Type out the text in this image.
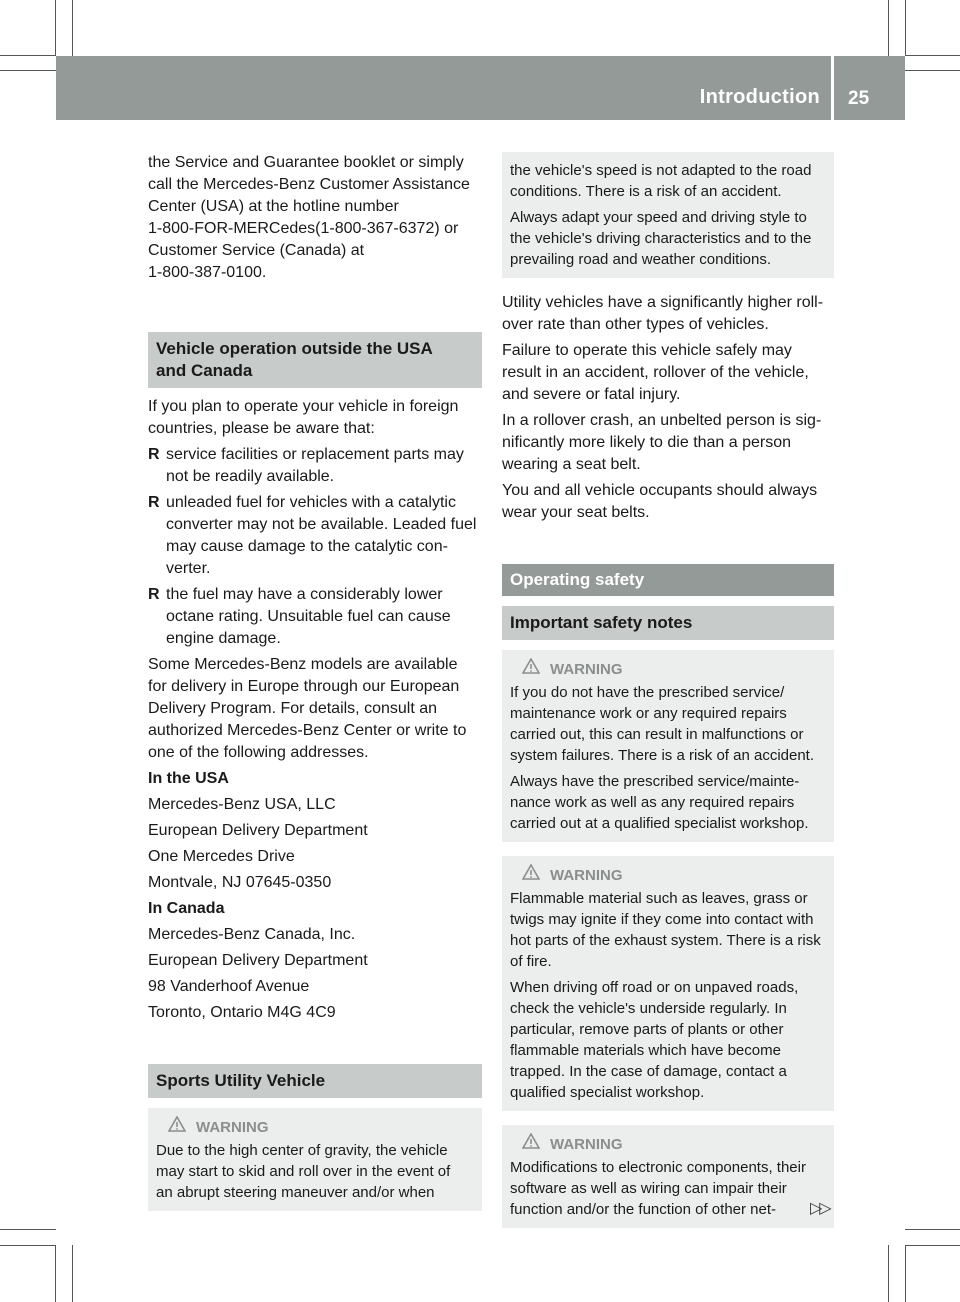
Introduction 25

the Service and Guarantee booklet or simply
call the Mercedes-Benz Customer Assistance
Center (USA) at the hotline number
1-800-FOR-MERCedes(1-800-367-6372) or
Customer Service (Canada) at
1-800-387-0100.

Vehicle operation outside the USA
and Canada

If you plan to operate your vehicle in foreign
countries, please be aware that:

R service facilities or replacement parts may
not be readily available.
R unleaded fuel for vehicles with a catalytic
converter may not be available. Leaded fuel
may cause damage to the catalytic con-
verter.
R the fuel may have a considerably lower
octane rating. Unsuitable fuel can cause
engine damage.

Some Mercedes-Benz models are available
for delivery in Europe through our European
Delivery Program. For details, consult an
authorized Mercedes-Benz Center or write to
one of the following addresses.

In the USA

Mercedes-Benz USA, LLC

European Delivery Department

One Mercedes Drive

Montvale, NJ 07645-0350

In Canada

Mercedes-Benz Canada, Inc.

European Delivery Department

98 Vanderhoof Avenue

Toronto, Ontario M4G 4C9

Sports Utility Vehicle
WARNING
Due to the high center of gravity, the vehicle
may start to skid and roll over in the event of
an abrupt steering maneuver and/or when

the vehicle's speed is not adapted to the road
conditions. There is a risk of an accident.

Always adapt your speed and driving style to
the vehicle's driving characteristics and to the
prevailing road and weather conditions.

Utility vehicles have a significantly higher roll-
over rate than other types of vehicles.

Failure to operate this vehicle safely may
result in an accident, rollover of the vehicle,
and severe or fatal injury.

In a rollover crash, an unbelted person is sig-
nificantly more likely to die than a person
wearing a seat belt.

You and all vehicle occupants should always
wear your seat belts.

Operating safety
Important safety notes
WARNING

If you do not have the prescribed service/
maintenance work or any required repairs
carried out, this can result in malfunctions or
system failures. There is a risk of an accident.

Always have the prescribed service/mainte-
nance work as well as any required repairs
carried out at a qualified specialist workshop.

WARNING

Flammable material such as leaves, grass or
twigs may ignite if they come into contact with
hot parts of the exhaust system. There is a risk
of fire.

When driving off road or on unpaved roads,
check the vehicle's underside regularly. In
particular, remove parts of plants or other
flammable materials which have become
trapped. In the case of damage, contact a
qualified specialist workshop.

WARNING

Modifications to electronic components, their
software as well as wiring can impair their
function and/or the function of other net-	▷▷
